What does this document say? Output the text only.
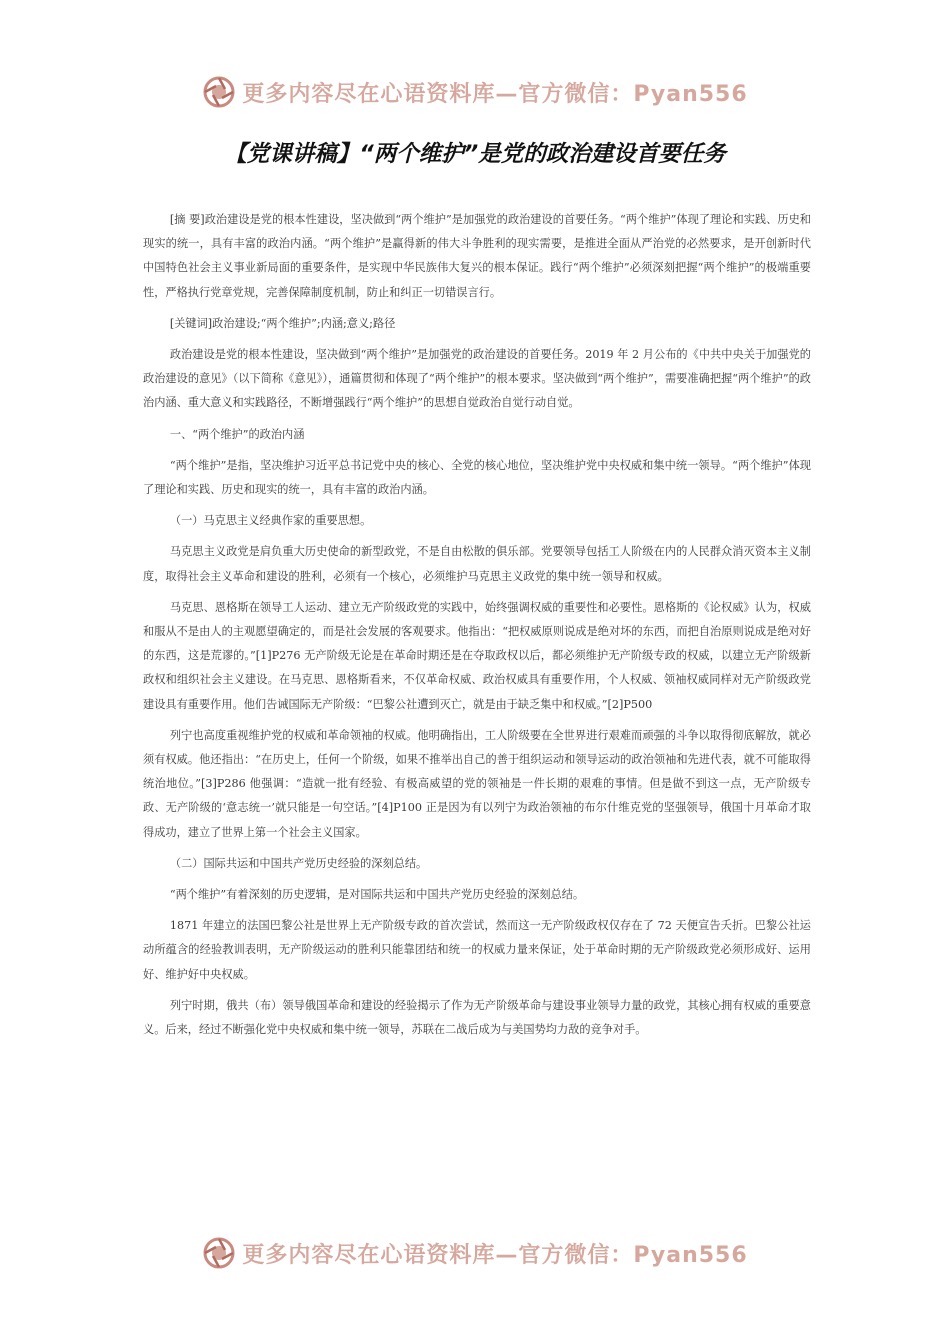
更多内容尽在心语资料库—官方微信：Pyan556
【党课讲稿】“两个维护”是党的政治建设首要任务

[摘 要]政治建设是党的根本性建设，坚决做到“两个维护”是加强党的政治建设的首要任务。“两个维护”体现了理论和实践、历史和现实的统一，具有丰富的政治内涵。“两个维护”是赢得新的伟大斗争胜利的现实需要，是推进全面从严治党的必然要求，是开创新时代中国特色社会主义事业新局面的重要条件，是实现中华民族伟大复兴的根本保证。践行“两个维护”必须深刻把握“两个维护”的极端重要性，严格执行党章党规，完善保障制度机制，防止和纠正一切错误言行。

[关键词]政治建设;“两个维护”;内涵;意义;路径

政治建设是党的根本性建设，坚决做到“两个维护”是加强党的政治建设的首要任务。2019 年 2 月公布的《中共中央关于加强党的政治建设的意见》（以下简称《意见》），通篇贯彻和体现了“两个维护”的根本要求。坚决做到“两个维护”，需要准确把握“两个维护”的政治内涵、重大意义和实践路径，不断增强践行“两个维护”的思想自觉政治自觉行动自觉。

一、“两个维护”的政治内涵

“两个维护”是指，坚决维护习近平总书记党中央的核心、全党的核心地位，坚决维护党中央权威和集中统一领导。“两个维护”体现了理论和实践、历史和现实的统一，具有丰富的政治内涵。

（一）马克思主义经典作家的重要思想。

马克思主义政党是肩负重大历史使命的新型政党，不是自由松散的俱乐部。党要领导包括工人阶级在内的人民群众消灭资本主义制度，取得社会主义革命和建设的胜利，必须有一个核心，必须维护马克思主义政党的集中统一领导和权威。

马克思、恩格斯在领导工人运动、建立无产阶级政党的实践中，始终强调权威的重要性和必要性。恩格斯的《论权威》认为，权威和服从不是由人的主观愿望确定的，而是社会发展的客观要求。他指出：“把权威原则说成是绝对坏的东西，而把自治原则说成是绝对好的东西，这是荒谬的。”[1]P276 无产阶级无论是在革命时期还是在夺取政权以后，都必须维护无产阶级专政的权威，以建立无产阶级新政权和组织社会主义建设。在马克思、恩格斯看来，不仅革命权威、政治权威具有重要作用，个人权威、领袖权威同样对无产阶级政党建设具有重要作用。他们告诫国际无产阶级：“巴黎公社遭到灭亡，就是由于缺乏集中和权威。”[2]P500

列宁也高度重视维护党的权威和革命领袖的权威。他明确指出，工人阶级要在全世界进行艰难而顽强的斗争以取得彻底解放，就必须有权威。他还指出：“在历史上，任何一个阶级，如果不推举出自己的善于组织运动和领导运动的政治领袖和先进代表，就不可能取得统治地位。”[3]P286 他强调：“造就一批有经验、有极高威望的党的领袖是一件长期的艰难的事情。但是做不到这一点，无产阶级专政、无产阶级的‘意志统一’就只能是一句空话。”[4]P100 正是因为有以列宁为政治领袖的布尔什维克党的坚强领导，俄国十月革命才取得成功，建立了世界上第一个社会主义国家。

（二）国际共运和中国共产党历史经验的深刻总结。

“两个维护”有着深刻的历史逻辑，是对国际共运和中国共产党历史经验的深刻总结。

1871 年建立的法国巴黎公社是世界上无产阶级专政的首次尝试，然而这一无产阶级政权仅存在了 72 天便宣告夭折。巴黎公社运动所蕴含的经验教训表明，无产阶级运动的胜利只能靠团结和统一的权威力量来保证，处于革命时期的无产阶级政党必须形成好、运用好、维护好中央权威。

列宁时期，俄共（布）领导俄国革命和建设的经验揭示了作为无产阶级革命与建设事业领导力量的政党，其核心拥有权威的重要意义。后来，经过不断强化党中央权威和集中统一领导，苏联在二战后成为与美国势均力敌的竞争对手。

更多内容尽在心语资料库—官方微信：Pyan556
